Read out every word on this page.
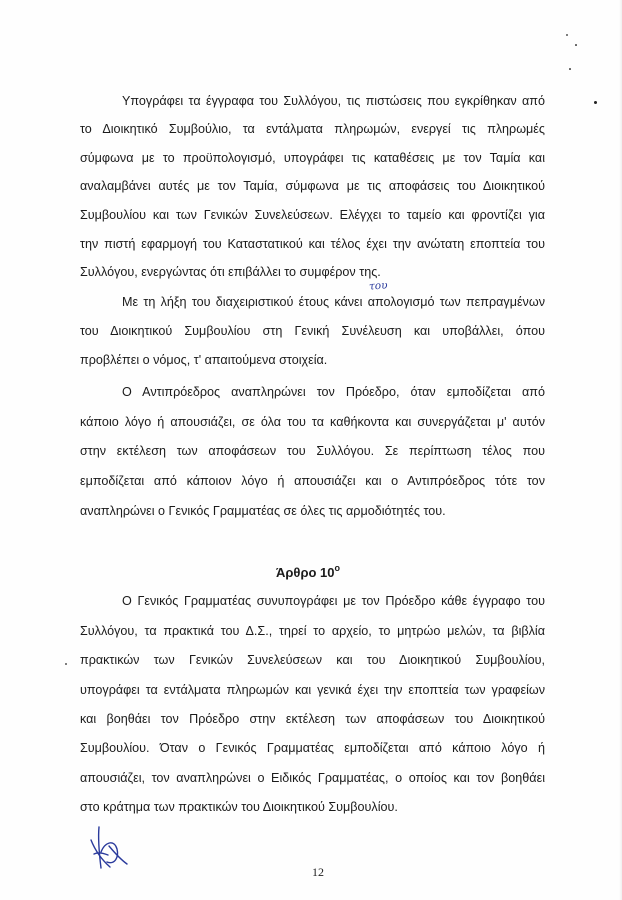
Υπογράφει τα έγγραφα του Συλλόγου, τις πιστώσεις που εγκρίθηκαν από
το Διοικητικό Συμβούλιο, τα εντάλματα πληρωμών, ενεργεί τις πληρωμές
σύμφωνα με το προϋπολογισμό, υπογράφει τις καταθέσεις με τον Ταμία και
αναλαμβάνει αυτές με τον Ταμία, σύμφωνα με τις αποφάσεις του Διοικητικού
Συμβουλίου και των Γενικών Συνελεύσεων. Ελέγχει το ταμείο και φροντίζει για
την πιστή εφαρμογή του Καταστατικού και τέλος έχει την ανώτατη εποπτεία του
Συλλόγου, ενεργώντας ότι επιβάλλει το συμφέρον της.
του
Με τη λήξη του διαχειριστικού έτους κάνει απολογισμό των πεπραγμένων
του Διοικητικού Συμβουλίου στη Γενική Συνέλευση και υποβάλλει, όπου
προβλέπει ο νόμος, τ' απαιτούμενα στοιχεία.
Ο Αντιπρόεδρος αναπληρώνει τον Πρόεδρο, όταν εμποδίζεται από
κάποιο λόγο ή απουσιάζει, σε όλα του τα καθήκοντα και συνεργάζεται μ' αυτόν
στην εκτέλεση των αποφάσεων του Συλλόγου. Σε περίπτωση τέλος που
εμποδίζεται από κάποιον λόγο ή απουσιάζει και ο Αντιπρόεδρος τότε τον
αναπληρώνει ο Γενικός Γραμματέας σε όλες τις αρμοδιότητές του.
Άρθρο $10^o$
Ο Γενικός Γραμματέας συνυπογράφει με τον Πρόεδρο κάθε έγγραφο του
Συλλόγου, τα πρακτικά του Δ.Σ., τηρεί το αρχείο, το μητρώο μελών, τα βιβλία
πρακτικών των Γενικών Συνελεύσεων και του Διοικητικού Συμβουλίου,
υπογράφει τα εντάλματα πληρωμών και γενικά έχει την εποπτεία των γραφείων
και βοηθάει τον Πρόεδρο στην εκτέλεση των αποφάσεων του Διοικητικού
Συμβουλίου. Όταν ο Γενικός Γραμματέας εμποδίζεται από κάποιο λόγο ή
απουσιάζει, τον αναπληρώνει ο Ειδικός Γραμματέας, ο οποίος και τον βοηθάει
στο κράτημα των πρακτικών του Διοικητικού Συμβουλίου.
12
